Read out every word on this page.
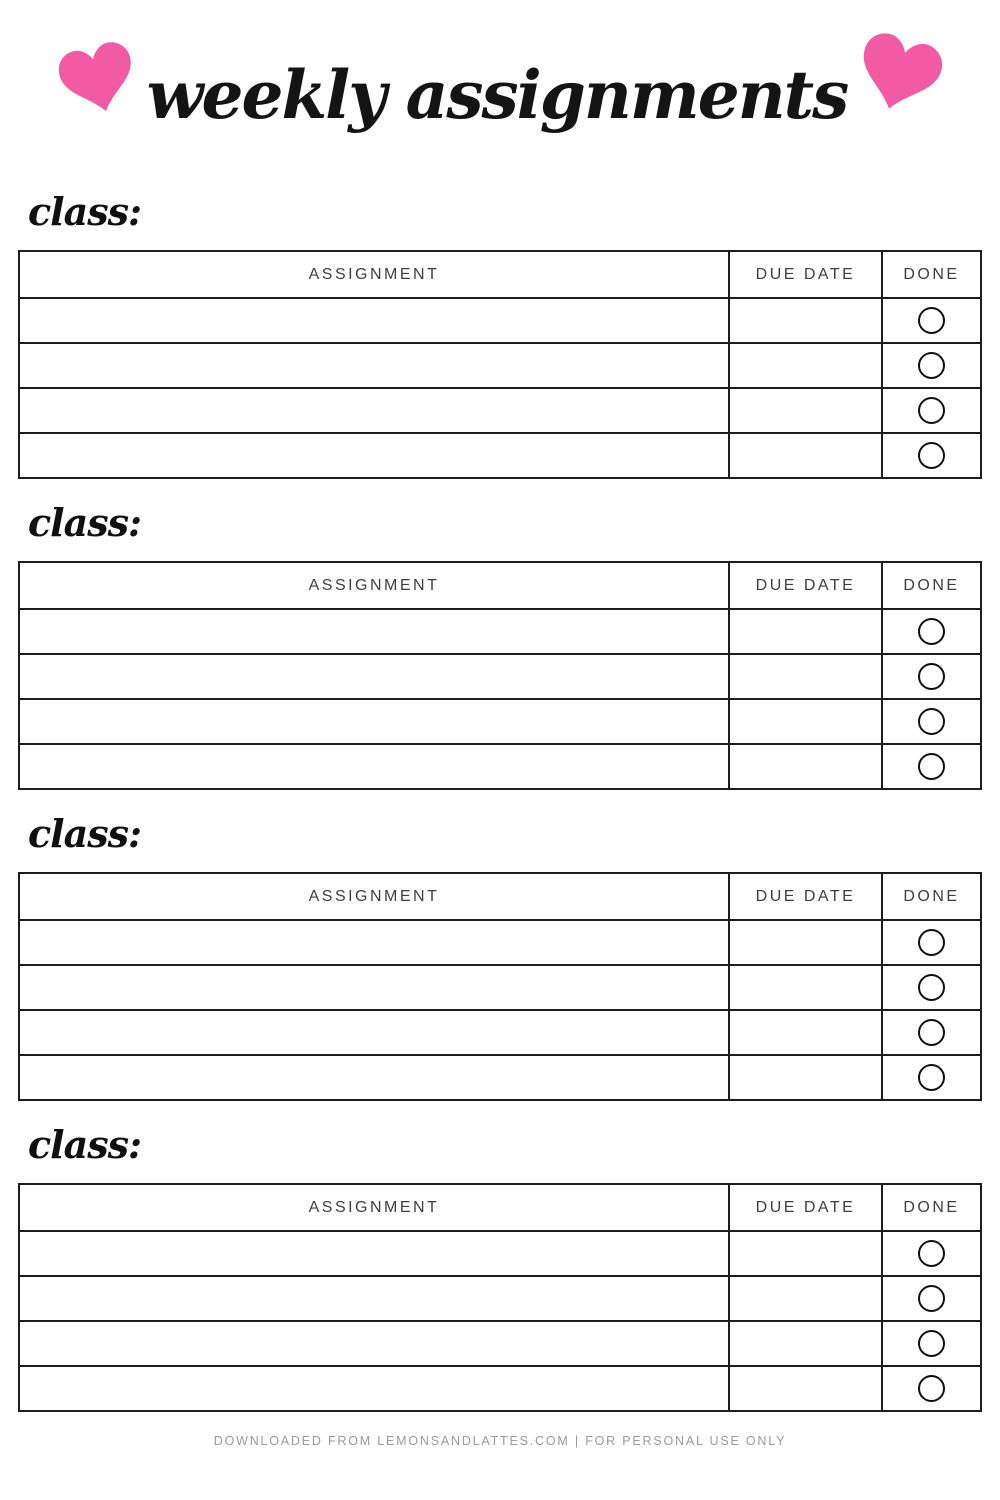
weekly assignments
class:
ASSIGNMENT	DUE DATE	DONE
class:
ASSIGNMENT	DUE DATE	DONE
class:
ASSIGNMENT	DUE DATE	DONE
class:
ASSIGNMENT	DUE DATE	DONE
DOWNLOADED FROM LEMONSANDLATTES.COM | FOR PERSONAL USE ONLY
